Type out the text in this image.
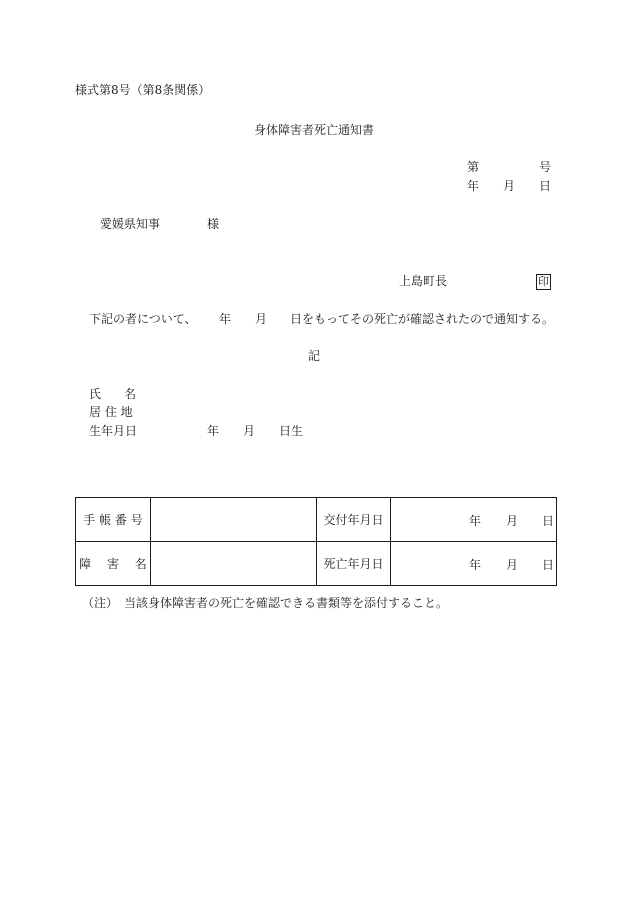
様式第8号（第8条関係）
身体障害者死亡通知書
第	号
年 月 日
愛媛県知事	様
上島町長	印
下記の者について、 年 月 日をもってその死亡が確認されたので通知する。
記
氏 名
居 住 地
生年月日	年 月 日生
手 帳 番 号		交付年月日	年 月 日

障　 害　 名		死亡年月日	年 月 日
（注）　当該身体障害者の死亡を確認できる書類等を添付すること。
